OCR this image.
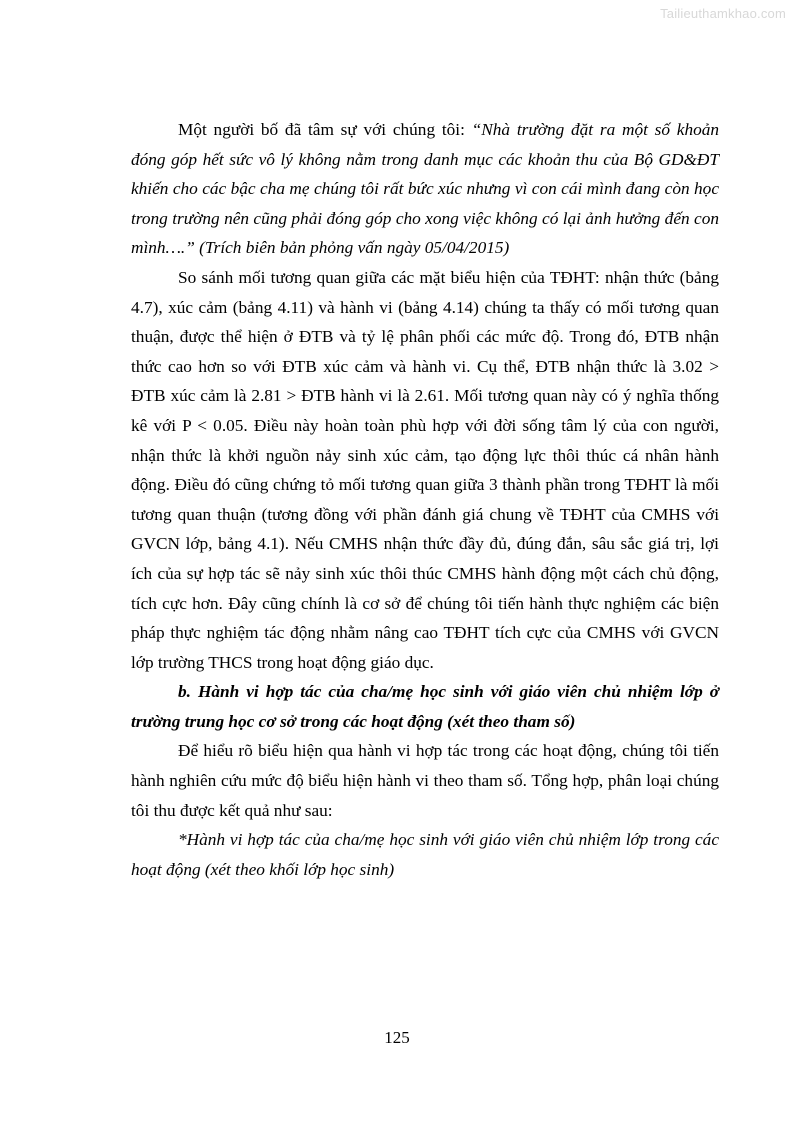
Tailieuthamkhao.com

Một người bố đã tâm sự với chúng tôi: “Nhà trường đặt ra một số khoản đóng góp hết sức vô lý không nằm trong danh mục các khoản thu của Bộ GD&ĐT khiến cho các bậc cha mẹ chúng tôi rất bức xúc nhưng vì con cái mình đang còn học trong trường nên cũng phải đóng góp cho xong việc không có lại ảnh hưởng đến con mình….” (Trích biên bản phỏng vấn ngày 05/04/2015)

So sánh mối tương quan giữa các mặt biểu hiện của TĐHT: nhận thức (bảng 4.7), xúc cảm (bảng 4.11) và hành vi (bảng 4.14) chúng ta thấy có mối tương quan thuận, được thể hiện ở ĐTB và tỷ lệ phân phối các mức độ. Trong đó, ĐTB nhận thức cao hơn so với ĐTB xúc cảm và hành vi. Cụ thể, ĐTB nhận thức là 3.02 > ĐTB xúc cảm là 2.81 > ĐTB hành vi là 2.61. Mối tương quan này có ý nghĩa thống kê với P < 0.05. Điều này hoàn toàn phù hợp với đời sống tâm lý của con người, nhận thức là khởi nguồn nảy sinh xúc cảm, tạo động lực thôi thúc cá nhân hành động. Điều đó cũng chứng tỏ mối tương quan giữa 3 thành phần trong TĐHT là mối tương quan thuận (tương đồng với phần đánh giá chung về TĐHT của CMHS với GVCN lớp, bảng 4.1). Nếu CMHS nhận thức đầy đủ, đúng đắn, sâu sắc giá trị, lợi ích của sự hợp tác sẽ nảy sinh xúc thôi thúc CMHS hành động một cách chủ động, tích cực hơn. Đây cũng chính là cơ sở để chúng tôi tiến hành thực nghiệm các biện pháp thực nghiệm tác động nhằm nâng cao TĐHT tích cực của CMHS với GVCN lớp trường THCS trong hoạt động giáo dục.

b. Hành vi hợp tác của cha/mẹ học sinh với giáo viên chủ nhiệm lớp ở trường trung học cơ sở trong các hoạt động (xét theo tham số)

Để hiểu rõ biểu hiện qua hành vi hợp tác trong các hoạt động, chúng tôi tiến hành nghiên cứu mức độ biểu hiện hành vi theo tham số. Tổng hợp, phân loại chúng tôi thu được kết quả như sau:

*Hành vi hợp tác của cha/mẹ học sinh với giáo viên chủ nhiệm lớp trong các hoạt động (xét theo khối lớp học sinh)

125
